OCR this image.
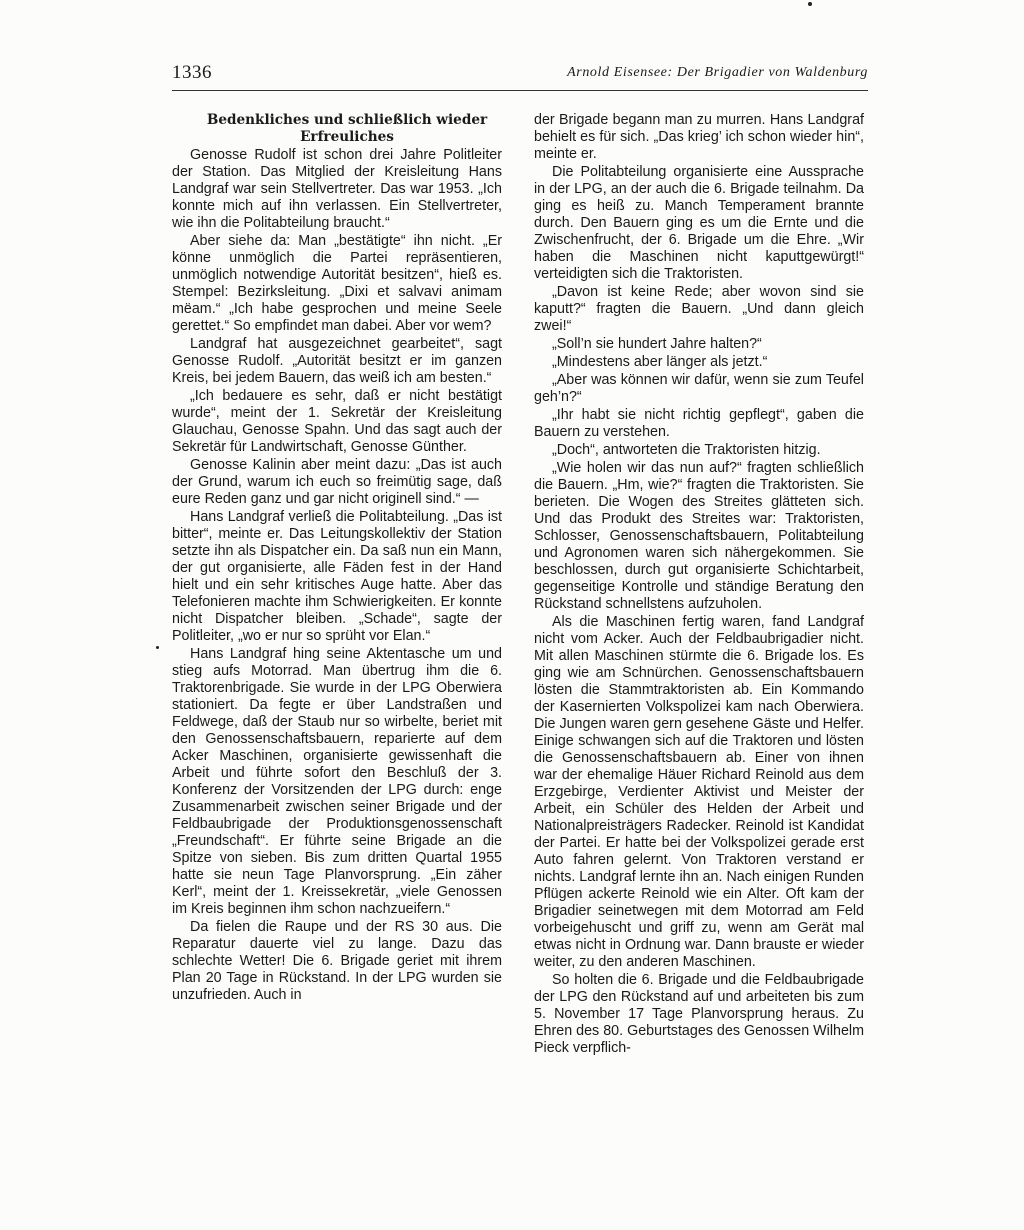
1336	Arnold Eisensee: Der Brigadier von Waldenburg
Bedenkliches und schließlich wieder
Erfreuliches

Genosse Rudolf ist schon drei Jahre Politleiter der Station. Das Mitglied der Kreisleitung Hans Landgraf war sein Stellvertreter. Das war 1953. „Ich konnte mich auf ihn verlassen. Ein Stellvertreter, wie ihn die Politabteilung braucht.“

Aber siehe da: Man „bestätigte“ ihn nicht. „Er könne unmöglich die Partei repräsentieren, unmöglich notwendige Autorität besitzen“, hieß es. Stempel: Bezirksleitung. „Dixi et salvavi animam mëam.“ „Ich habe gesprochen und meine Seele gerettet.“ So empfindet man dabei. Aber vor wem?

Landgraf hat ausgezeichnet gearbeitet“, sagt Genosse Rudolf. „Autorität besitzt er im ganzen Kreis, bei jedem Bauern, das weiß ich am besten.“

„Ich bedauere es sehr, daß er nicht bestätigt wurde“, meint der 1. Sekretär der Kreisleitung Glauchau, Genosse Spahn. Und das sagt auch der Sekretär für Landwirtschaft, Genosse Günther.

Genosse Kalinin aber meint dazu: „Das ist auch der Grund, warum ich euch so freimütig sage, daß eure Reden ganz und gar nicht originell sind.“ —

Hans Landgraf verließ die Politabteilung. „Das ist bitter“, meinte er. Das Leitungskollektiv der Station setzte ihn als Dispatcher ein. Da saß nun ein Mann, der gut organisierte, alle Fäden fest in der Hand hielt und ein sehr kritisches Auge hatte. Aber das Telefonieren machte ihm Schwierigkeiten. Er konnte nicht Dispatcher bleiben. „Schade“, sagte der Politleiter, „wo er nur so sprüht vor Elan.“

Hans Landgraf hing seine Aktentasche um und stieg aufs Motorrad. Man übertrug ihm die 6. Traktorenbrigade. Sie wurde in der LPG Oberwiera stationiert. Da fegte er über Landstraßen und Feldwege, daß der Staub nur so wirbelte, beriet mit den Genossenschaftsbauern, reparierte auf dem Acker Maschinen, organisierte gewissenhaft die Arbeit und führte sofort den Beschluß der 3. Konferenz der Vorsitzenden der LPG durch: enge Zusammenarbeit zwischen seiner Brigade und der Feldbaubrigade der Produktionsgenossenschaft „Freundschaft“. Er führte seine Brigade an die Spitze von sieben. Bis zum dritten Quartal 1955 hatte sie neun Tage Planvorsprung. „Ein zäher Kerl“, meint der 1. Kreissekretär, „viele Genossen im Kreis beginnen ihm schon nachzueifern.“

Da fielen die Raupe und der RS 30 aus. Die Reparatur dauerte viel zu lange. Dazu das schlechte Wetter! Die 6. Brigade geriet mit ihrem Plan 20 Tage in Rückstand. In der LPG wurden sie unzufrieden. Auch in

der Brigade begann man zu murren. Hans Landgraf behielt es für sich. „Das krieg’ ich schon wieder hin“, meinte er.

Die Politabteilung organisierte eine Aussprache in der LPG, an der auch die 6. Brigade teilnahm. Da ging es heiß zu. Manch Temperament brannte durch. Den Bauern ging es um die Ernte und die Zwischenfrucht, der 6. Brigade um die Ehre. „Wir haben die Maschinen nicht kaputtgewürgt!“ verteidigten sich die Traktoristen.

„Davon ist keine Rede; aber wovon sind sie kaputt?“ fragten die Bauern. „Und dann gleich zwei!“

„Soll’n sie hundert Jahre halten?“

„Mindestens aber länger als jetzt.“

„Aber was können wir dafür, wenn sie zum Teufel geh’n?“

„Ihr habt sie nicht richtig gepflegt“, gaben die Bauern zu verstehen.

„Doch“, antworteten die Traktoristen hitzig.

„Wie holen wir das nun auf?“ fragten schließlich die Bauern. „Hm, wie?“ fragten die Traktoristen. Sie berieten. Die Wogen des Streites glätteten sich. Und das Produkt des Streites war: Traktoristen, Schlosser, Genossenschaftsbauern, Politabteilung und Agronomen waren sich nähergekommen. Sie beschlossen, durch gut organisierte Schichtarbeit, gegenseitige Kontrolle und ständige Beratung den Rückstand schnellstens aufzuholen.

Als die Maschinen fertig waren, fand Landgraf nicht vom Acker. Auch der Feldbaubrigadier nicht. Mit allen Maschinen stürmte die 6. Brigade los. Es ging wie am Schnürchen. Genossenschaftsbauern lösten die Stammtraktoristen ab. Ein Kommando der Kasernierten Volkspolizei kam nach Oberwiera. Die Jungen waren gern gesehene Gäste und Helfer. Einige schwangen sich auf die Traktoren und lösten die Genossenschaftsbauern ab. Einer von ihnen war der ehemalige Häuer Richard Reinold aus dem Erzgebirge, Verdienter Aktivist und Meister der Arbeit, ein Schüler des Helden der Arbeit und Nationalpreisträgers Radecker. Reinold ist Kandidat der Partei. Er hatte bei der Volkspolizei gerade erst Auto fahren gelernt. Von Traktoren verstand er nichts. Landgraf lernte ihn an. Nach einigen Runden Pflügen ackerte Reinold wie ein Alter. Oft kam der Brigadier seinetwegen mit dem Motorrad am Feld vorbeigehuscht und griff zu, wenn am Gerät mal etwas nicht in Ordnung war. Dann brauste er wieder weiter, zu den anderen Maschinen.

So holten die 6. Brigade und die Feldbaubrigade der LPG den Rückstand auf und arbeiteten bis zum 5. November 17 Tage Planvorsprung heraus. Zu Ehren des 80. Geburtstages des Genossen Wilhelm Pieck verpflich-
